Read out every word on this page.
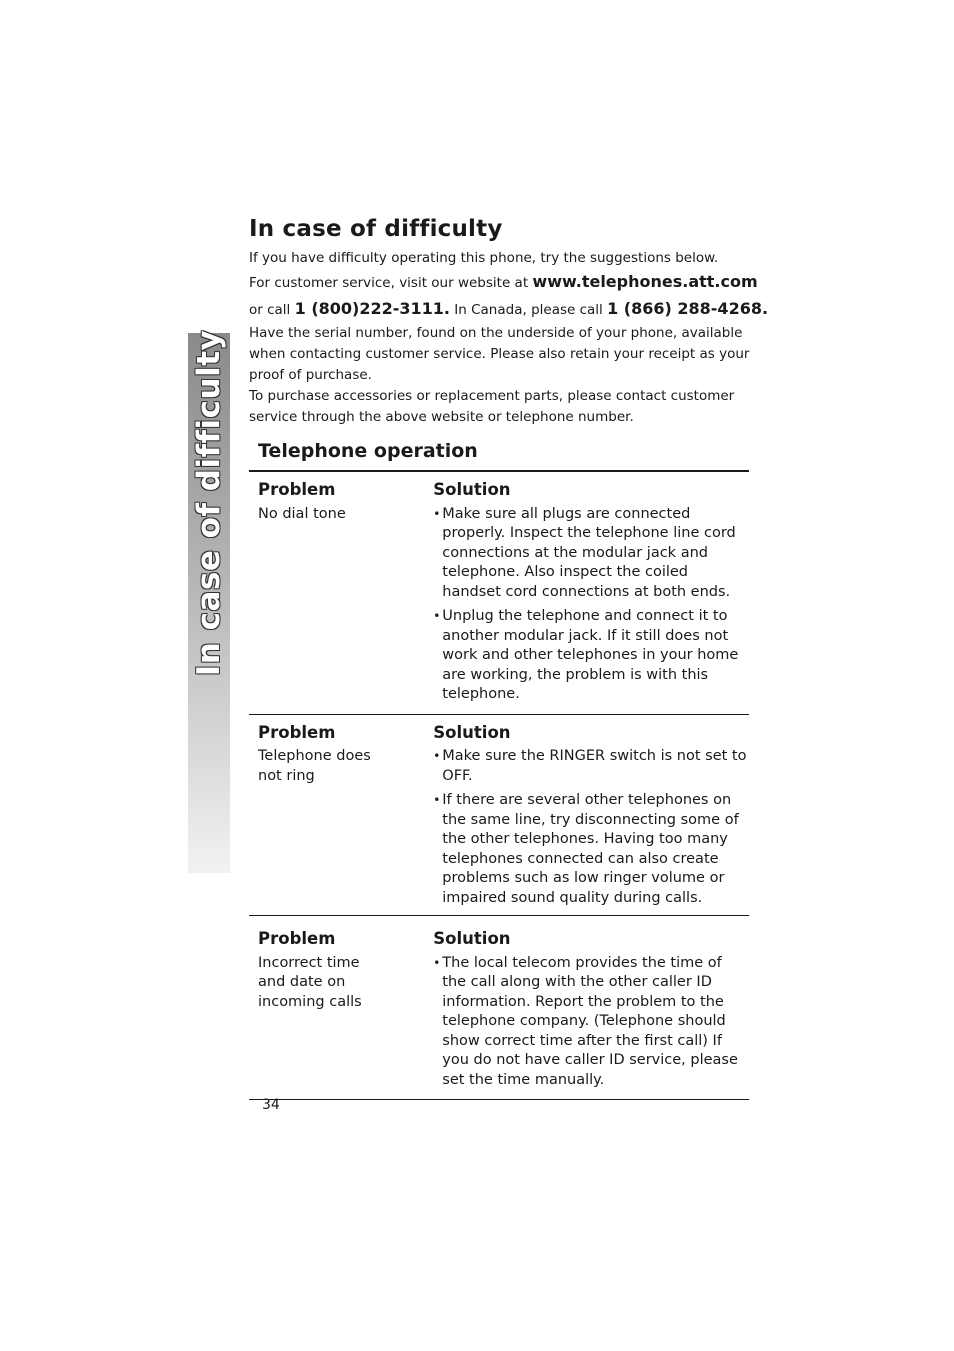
In case of difficulty
In case of difficulty

If you have difficulty operating this phone, try the suggestions below.

For customer service, visit our website at www.telephones.att.com
or call 1 (800)222-3111. In Canada, please call 1 (866) 288-4268.

Have the serial number, found on the underside of your phone, available when contacting customer service. Please also retain your receipt as your proof of purchase.

To purchase accessories or replacement parts, please contact customer service through the above website or telephone number.

Telephone operation
Problem
No dial tone
Solution
• Make sure all plugs are connected properly. Inspect the telephone line cord connections at the modular jack and telephone. Also inspect the coiled handset cord connections at both ends.
• Unplug the telephone and connect it to another modular jack. If it still does not work and other telephones in your home are working, the problem is with this telephone.
Problem
Telephone does
not ring
Solution
• Make sure the RINGER switch is not set to OFF.
• If there are several other telephones on the same line, try disconnecting some of the other telephones. Having too many telephones connected can also create problems such as low ringer volume or impaired sound quality during calls.
Problem
Incorrect time
and date on
incoming calls
Solution
• The local telecom provides the time of the call along with the other caller ID information. Report the problem to the telephone company. (Telephone should show correct time after the first call) If you do not have caller ID service, please set the time manually.
34
